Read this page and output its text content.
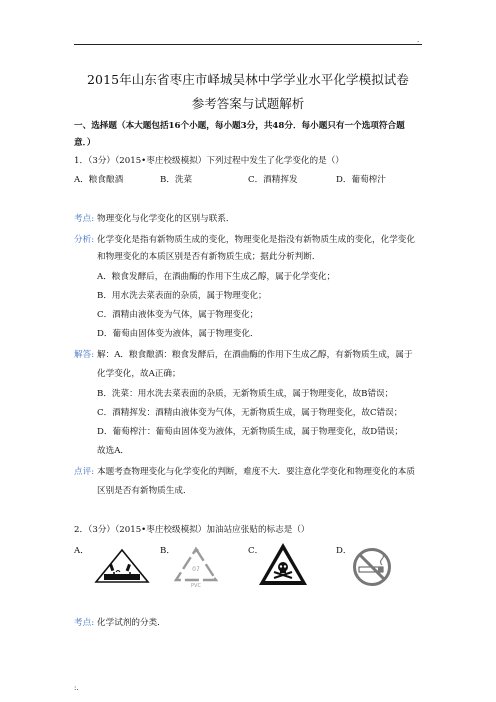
.
2015年山东省枣庄市峄城吴林中学学业水平化学模拟试卷
参考答案与试题解析
一、选择题（本大题包括16个小题，每小题3分，共48分．每小题只有一个选项符合题
意．）
1．（3分）（2015•枣庄校级模拟）下列过程中发生了化学变化的是（）
A．粮食酿酒	B．洗菜	C．酒精挥发	D．葡萄榨汁
考点: 物理变化与化学变化的区别与联系．
分析: 化学变化是指有新物质生成的变化，物理变化是指没有新物质生成的变化，化学变化
和物理变化的本质区别是否有新物质生成；据此分析判断．
A．粮食发酵后，在酒曲酶的作用下生成乙醇，属于化学变化；
B．用水洗去菜表面的杂质，属于物理变化；
C．酒精由液体变为气体，属于物理变化；
D．葡萄由固体变为液体，属于物理变化．
解答: 解：A．粮食酿酒：粮食发酵后，在酒曲酶的作用下生成乙醇，有新物质生成，属于
化学变化，故A正确；
B．洗菜：用水洗去菜表面的杂质，无新物质生成，属于物理变化，故B错误；
C．酒精挥发：酒精由液体变为气体，无新物质生成，属于物理变化，故C错误；
D．葡萄榨汁：葡萄由固体变为液体，无新物质生成，属于物理变化，故D错误；
故选A．
点评: 本题考查物理变化与化学变化的判断，难度不大．要注意化学变化和物理变化的本质
区别是否有新物质生成．
2．（3分）（2015•枣庄校级模拟）加油站应张贴的标志是（）
A．	B．	C．	D．
07
PVC
考点: 化学试剂的分类．
:.
